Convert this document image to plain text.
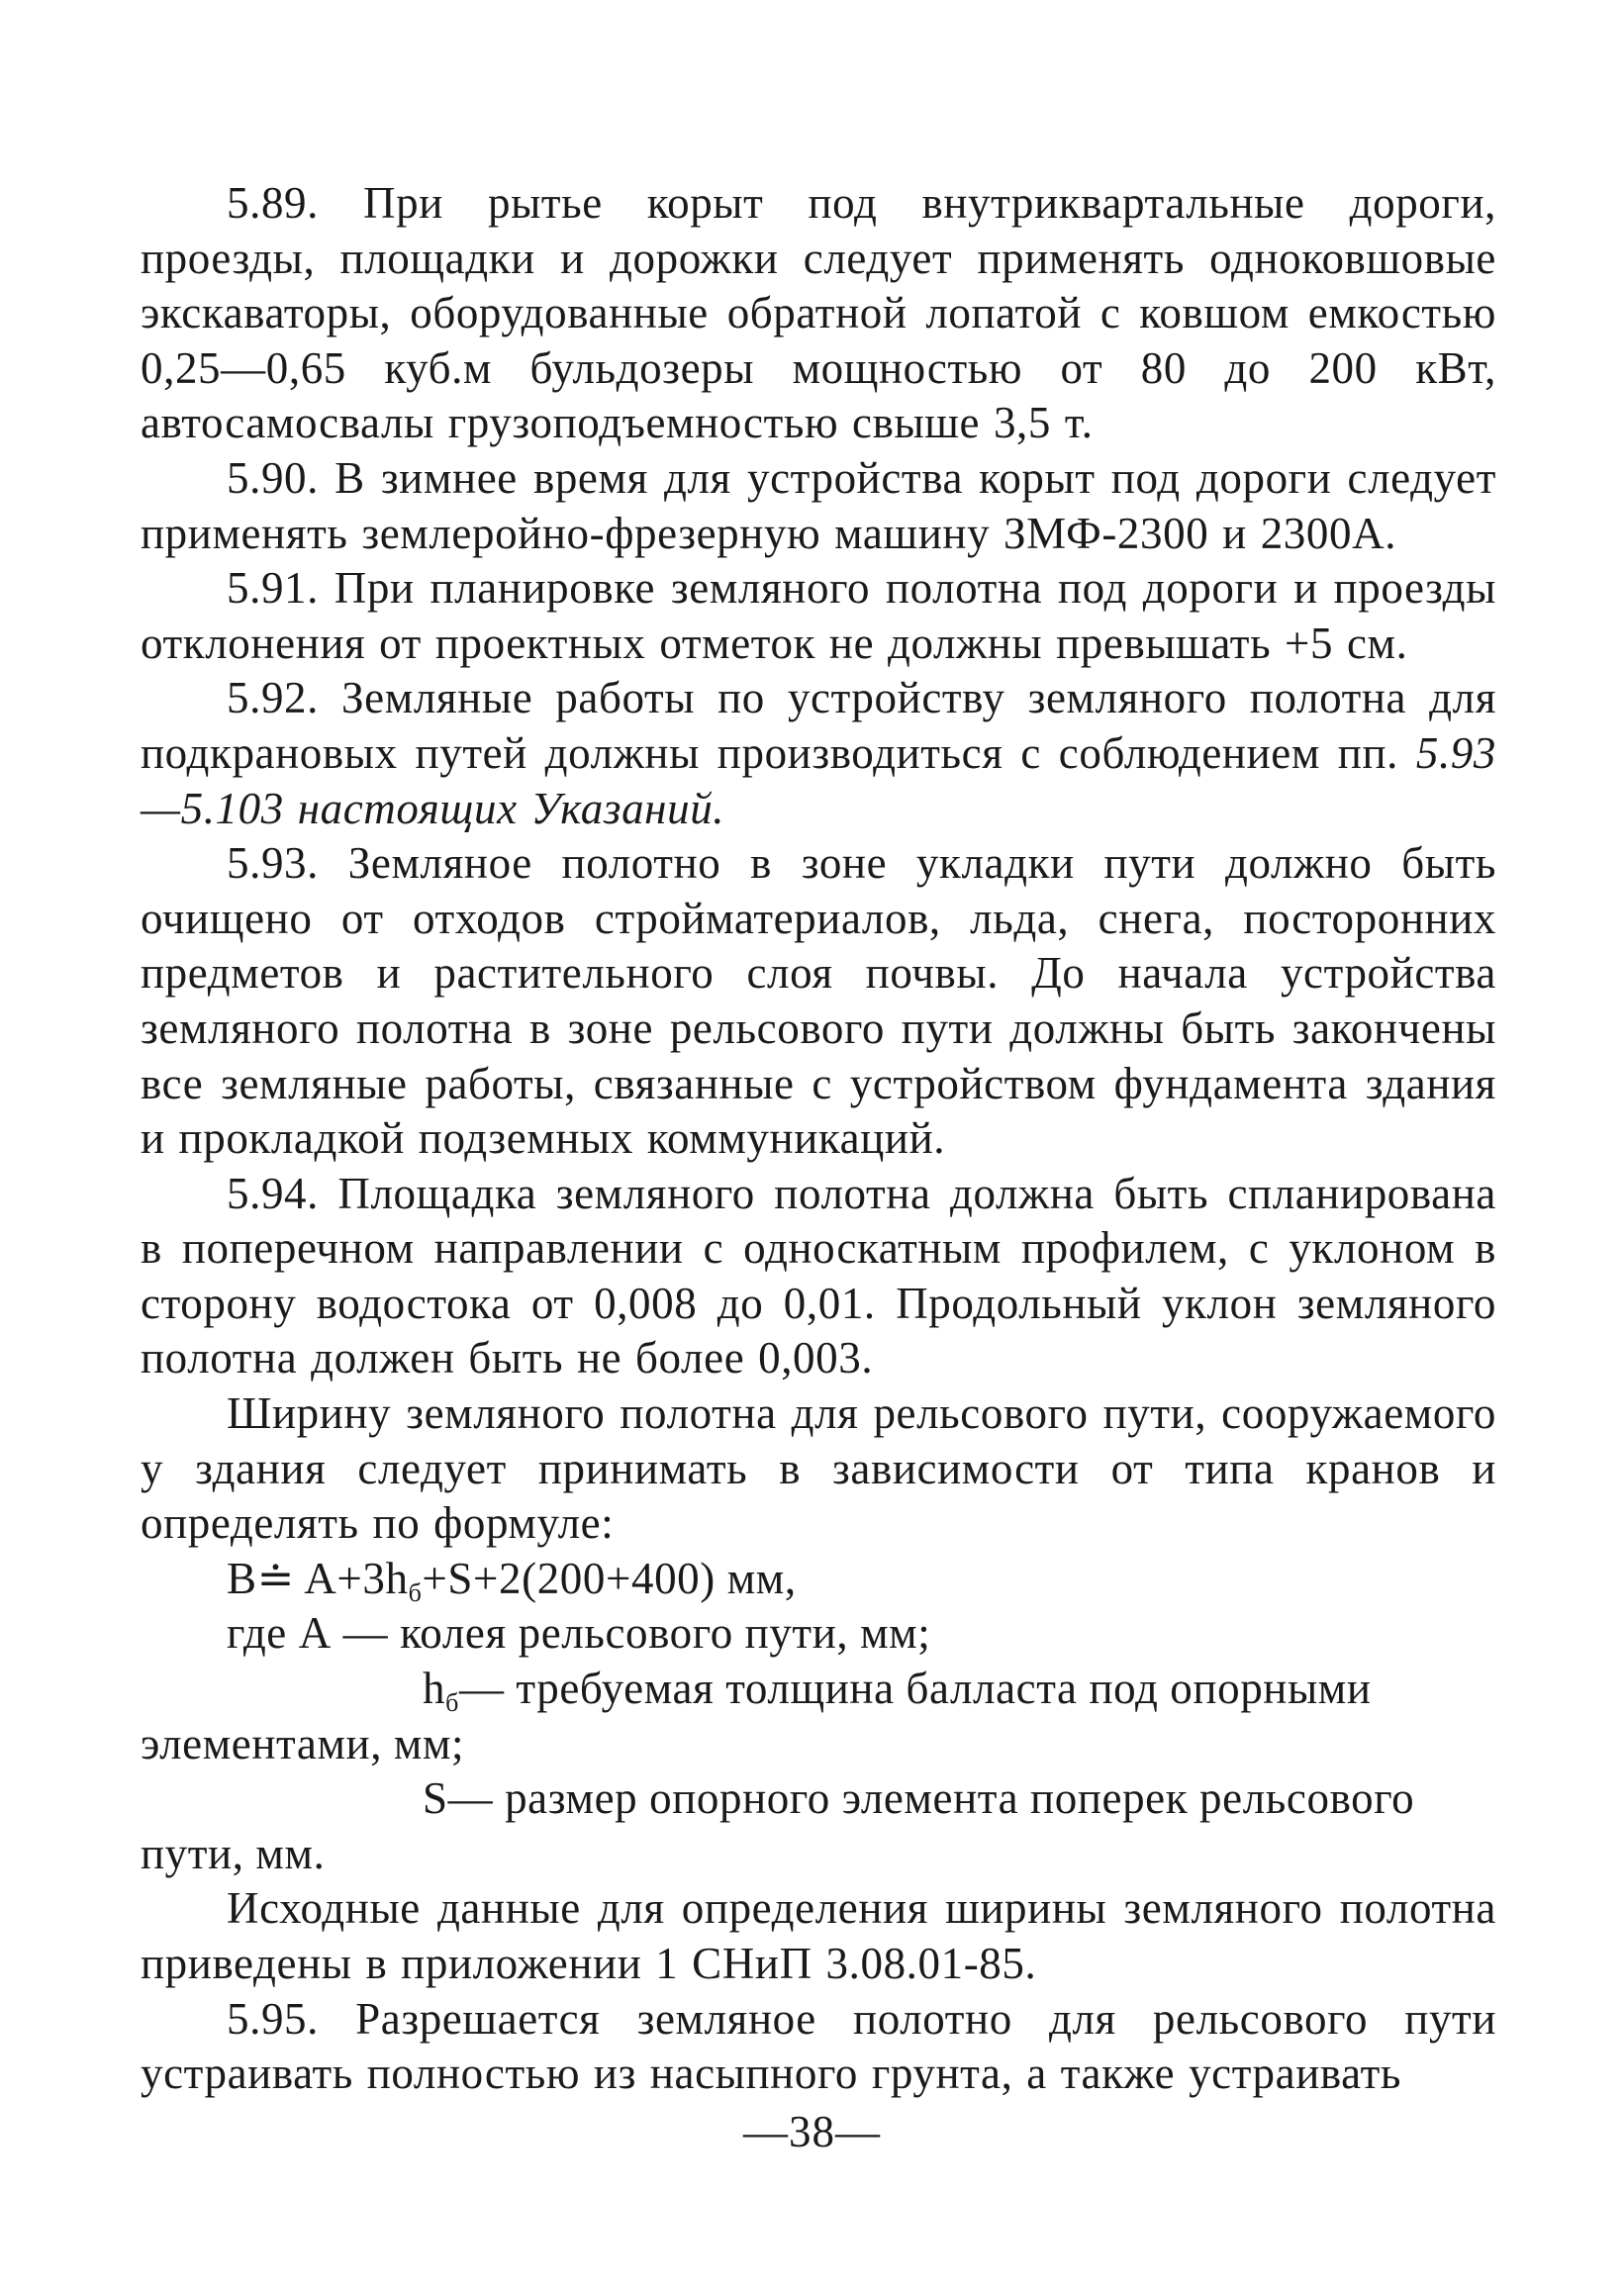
5.89. При рытье корыт под внутриквартальные дороги, проезды, площадки и дорожки следует применять одноковшовые экскаваторы, оборудованные обратной лопатой с ковшом емкостью 0,25—0,65 куб.м бульдозеры мощностью от 80 до 200 кВт, автосамосвалы грузоподъемностью свыше 3,5 т.

5.90. В зимнее время для устройства корыт под дороги следует применять землеройно-фрезерную машину ЗМФ-2300 и 2300А.

5.91. При планировке земляного полотна под дороги и проезды отклонения от проектных отметок не должны превышать +5 см.

5.92. Земляные работы по устройству земляного полотна для подкрановых путей должны производиться с соблюдением пп. 5.93—5.103 настоящих Указаний.

5.93. Земляное полотно в зоне укладки пути должно быть очищено от отходов стройматериалов, льда, снега, посторонних предметов и растительного слоя почвы. До начала устройства земляного полотна в зоне рельсового пути должны быть закончены все земляные работы, связанные с устройством фундамента здания и прокладкой подземных коммуникаций.

5.94. Площадка земляного полотна должна быть спланирована в поперечном направлении с односкатным профилем, с уклоном в сторону водостока от 0,008 до 0,01. Продольный уклон земляного полотна должен быть не более 0,003.

Ширину земляного полотна для рельсового пути, сооружаемого у здания следует принимать в зависимости от типа кранов и определять по формуле:

B≐ $A+3h_б+S+2(200+400)$ мм,

где А — колея рельсового пути, мм;

$h_б—$ требуемая толщина балласта под опорными

элементами, мм;

S— размер опорного элемента поперек рельсового

пути, мм.

Исходные данные для определения ширины земляного полотна приведены в приложении 1 СНиП 3.08.01-85.

5.95. Разрешается земляное полотно для рельсового пути устраивать полностью из насыпного грунта, а также устраивать

—38—
